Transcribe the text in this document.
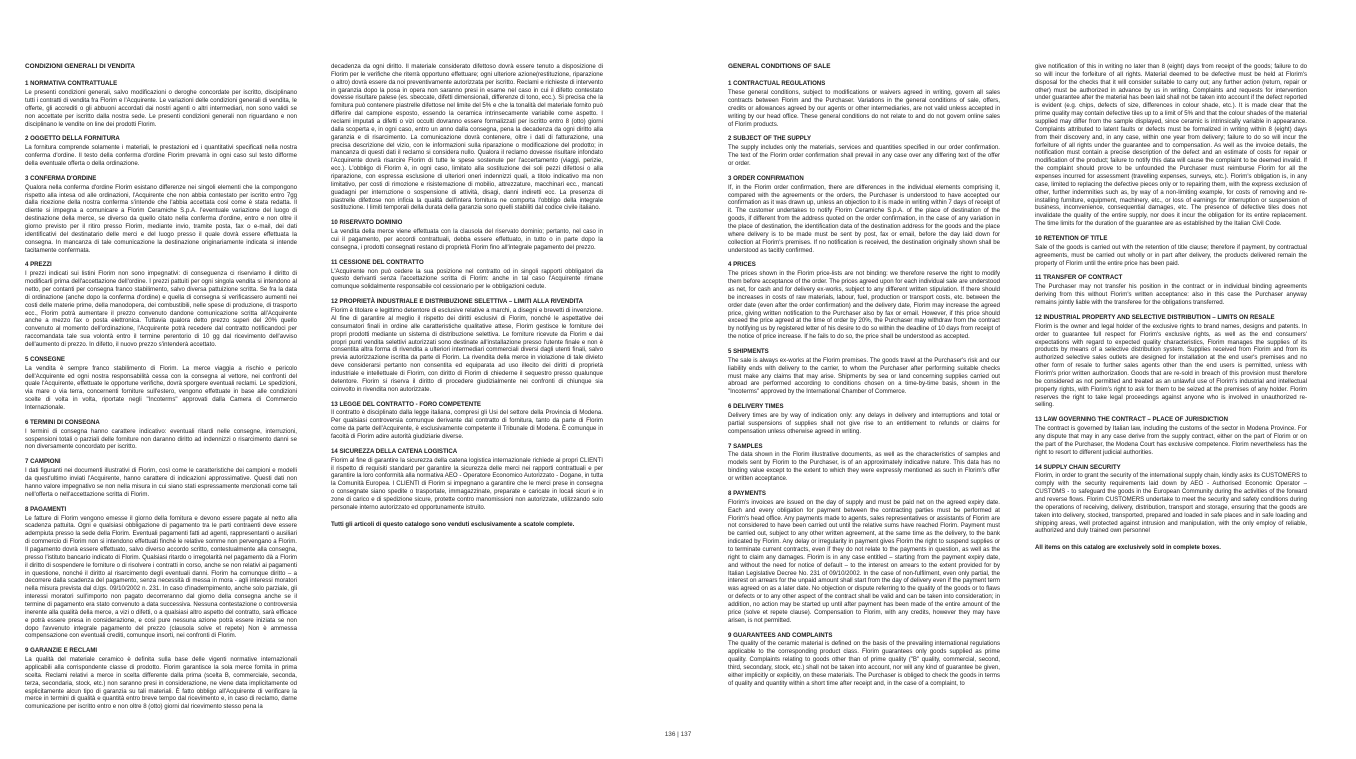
CONDIZIONI GENERALI DI VENDITA
1 NORMATIVA CONTRATTUALE

Le presenti condizioni generali, salvo modificazioni o deroghe concordate per iscritto, disciplinano tutti i contratti di vendita fra Florim e l'Acquirente. Le variazioni delle condizioni generali di vendita, le offerte, gli accrediti o gli abbuoni accordati dai nostri agenti o altri intermediari, non sono validi se non accettate per iscritto dalla nostra sede. Le presenti condizioni generali non riguardano e non disciplinano le vendite on line dei prodotti Florim.

2 OGGETTO DELLA FORNITURA

La fornitura comprende solamente i materiali, le prestazioni ed i quantitativi specificati nella nostra conferma d'ordine. Il testo della conferma d'ordine Florim prevarrà in ogni caso sul testo difforme della eventuale offerta o della ordinazione.

3 CONFERMA D'ORDINE

Qualora nella conferma d'ordine Florim esistano differenze nei singoli elementi che la compongono rispetto alla intesa od alle ordinazioni, l'Acquirente che non abbia contestato per iscritto entro 7gg dalla ricezione della nostra conferma s'intende che l'abbia accettata così come è stata redatta. Il cliente si impegna a comunicare a Florim Ceramiche S.p.A. l'eventuale variazione del luogo di destinazione della merce, se diverso da quello citato nella conferma d'ordine, entro e non oltre il giorno previsto per il ritiro presso Florim, mediante invio, tramite posta, fax o e-mail, dei dati identificativi del destinatario delle merci e del luogo presso il quale dovrà essere effettuata la consegna. In mancanza di tale comunicazione la destinazione originariamente indicata si intende tacitamente confermata.

4 PREZZI

I prezzi indicati sui listini Florim non sono impegnativi: di conseguenza ci riserviamo il diritto di modificarli prima dell'accettazione dell'ordine. I prezzi pattuiti per ogni singola vendita si intendono al netto, per contanti per consegna franco stabilimento, salvo diversa pattuizione scritta. Se fra la data di ordinazione (anche dopo la conferma d'ordine) e quella di consegna si verificassero aumenti nei costi delle materie prime, della manodopera, dei combustibili, nelle spese di produzione, di trasporto ecc., Florim potrà aumentare il prezzo convenuto dandone comunicazione scritta all'Acquirente anche a mezzo fax o posta elettronica. Tuttavia qualora detto prezzo superi del 20% quello convenuto al momento dell'ordinazione, l'Acquirente potrà recedere dal contratto notificandoci per raccomandata tale sua volontà entro il termine perentorio di 10 gg dal ricevimento dell'avviso dell'aumento di prezzo. In difetto, il nuovo prezzo s'intenderà accettato.

5 CONSEGNE

La vendita è sempre franco stabilimento di Florim. La merce viaggia a rischio e pericolo dell'Acquirente ed ogni nostra responsabilità cessa con la consegna al vettore, nei confronti del quale l'Acquirente, effettuate le opportune verifiche, dovrà sporgere eventuali reclami. Le spedizioni, via mare o via terra, concernenti forniture sull'estero, vengono effettuate in base alle condizioni scelte di volta in volta, riportate negli "Incoterms" approvati dalla Camera di Commercio Internazionale.

6 TERMINI DI CONSEGNA

I termini di consegna hanno carattere indicativo: eventuali ritardi nelle consegne, interruzioni, sospensioni totali o parziali delle forniture non daranno diritto ad indennizzi o risarcimento danni se non diversamente concordato per iscritto.

7 CAMPIONI

I dati figuranti nei documenti illustrativi di Florim, così come le caratteristiche dei campioni e modelli da quest'ultimo inviati l'Acquirente, hanno carattere di indicazioni approssimative. Questi dati non hanno valore impegnativo se non nella misura in cui siano stati espressamente menzionati come tali nell'offerta o nell'accettazione scritta di Florim.

8 PAGAMENTI

Le fatture di Florim vengono emesse il giorno della fornitura e devono essere pagate al netto alla scadenza pattuita. Ogni e qualsiasi obbligazione di pagamento tra le parti contraenti deve essere adempiuta presso la sede della Florim. Eventuali pagamenti fatti ad agenti, rappresentanti o ausiliari di commercio di Florim non si intendono effettuati finché le relative somme non pervengano a Florim. Il pagamento dovrà essere effettuato, salvo diverso accordo scritto, contestualmente alla consegna, presso l'istituto bancario indicato di Florim. Qualsiasi ritardo o irregolarità nel pagamento dà a Florim il diritto di sospendere le forniture o di risolvere i contratti in corso, anche se non relativi ai pagamenti in questione, nonché il diritto al risarcimento degli eventuali danni. Florim ha comunque diritto – a decorrere dalla scadenza del pagamento, senza necessità di messa in mora - agli interessi moratori nella misura prevista dal d.lgs. 09/10/2002 n. 231. In caso d'inadempimento, anche solo parziale, gli interessi moratori sull'importo non pagato decorreranno dal giorno della consegna anche se il termine di pagamento era stato convenuto a data successiva. Nessuna contestazione o controversia inerente alla qualità della merce, a vizi o difetti, o a qualsiasi altro aspetto del contratto, sarà efficace e potrà essere presa in considerazione, e così pure nessuna azione potrà essere iniziata se non dopo l'avvenuto integrale pagamento del prezzo (clausola solve et repete) Non è ammessa compensazione con eventuali crediti, comunque insorti, nei confronti di Florim.

9 GARANZIE E RECLAMI

La qualità del materiale ceramico è definita sulla base delle vigenti normative internazionali applicabili alla corrispondente classe di prodotto. Florim garantisce la sola merce fornita in prima scelta. Reclami relativi a merce in scelta differente dalla prima (scelta B, commerciale, seconda, terza, secondaria, stock, etc.) non saranno presi in considerazione, ne viene data implicitamente od esplicitamente alcun tipo di garanzia su tali materiali. È fatto obbligo all'Acquirente di verificare la merce in termini di qualità e quantità entro breve tempo dal ricevimento e, in caso di reclamo, darne comunicazione per iscritto entro e non oltre 8 (otto) giorni dal ricevimento stesso pena la

decadenza da ogni diritto. Il materiale considerato difettoso dovrà essere tenuto a disposizione di Florim per le verifiche che riterrà opportuno effettuare; ogni ulteriore azione(restituzione, riparazione o altro) dovrà essere da noi preventivamente autorizzata per iscritto. Reclami e richieste di intervento in garanzia dopo la posa in opera non saranno presi in esame nel caso in cui il difetto contestato dovesse risultare palese (es. sbeccate, difetti dimensionali, differenze di tono, ecc.). Si precisa che la fornitura può contenere piastrelle difettose nel limite del 5% e che la tonalità del materiale fornito può differire dal campione esposto, essendo la ceramica intrinsecamente variabile come aspetto. I reclami imputati a difetti o vizi occulti dovranno essere formalizzati per iscritto entro 8 (otto) giorni dalla scoperta e, in ogni caso, entro un anno dalla consegna, pena la decadenza da ogni diritto alla garanzia e di risarcimento. La comunicazione dovrà contenere, oltre i dati di fatturazione, una precisa descrizione del vizio, con le informazioni sulla riparazione o modificazione del prodotto; in mancanza di questi dati il reclamo si considera nullo. Qualora il reclamo dovesse risultare infondato l'Acquirente dovrà risarcire Florim di tutte le spese sostenute per l'accertamento (viaggi, perizie, ecc.). L'obbligo di Florim è, in ogni caso, limitato alla sostituzione dei soli pezzi difettosi o alla riparazione, con espressa esclusione di ulteriori oneri indennizzi quali, a titolo indicativo ma non limitativo, per costi di rimozione e risistemazione di mobilio, attrezzature, macchinari ecc., mancati guadagni per interruzione o sospensione di attività, disagi, danni indiretti ecc. La presenza di piastrelle difettose non inficia la qualità dell'intera fornitura ne comporta l'obbligo della integrale sostituzione. I limiti temporali della durata della garanzia sono quelli stabiliti dal codice civile italiano.

10 RISERVATO DOMINIO

La vendita della merce viene effettuata con la clausola del riservato dominio; pertanto, nel caso in cui il pagamento, per accordi contrattuali, debba essere effettuato, in tutto o in parte dopo la consegna, i prodotti consegnati restano di proprietà Florim fino all'integrale pagamento del prezzo.

11 CESSIONE DEL CONTRATTO

L'Acquirente non può cedere la sua posizione nel contratto od in singoli rapporti obbligatori da questo derivanti senza l'accettazione scritta di Florim: anche in tal caso l'Acquirente rimane comunque solidalmente responsabile col cessionario per le obbligazioni cedute.

12 PROPRIETÀ INDUSTRIALE E DISTRIBUZIONE SELETTIVA – LIMITI ALLA RIVENDITA

Florim è titolare e legittimo detentore di esclusive relative a marchi, a disegni e brevetti di invenzione. Al fine di garantire al meglio il rispetto dei diritti esclusivi di Florim, nonché le aspettative dei consumatori finali in ordine alle caratteristiche qualitative attese, Florim gestisce le forniture dei propri prodotti mediante un sistema di distribuzione selettiva. Le forniture ricevute da Florim e dai propri punti vendita selettivi autorizzati sono destinate all'installazione presso l'utente finale e non è consentita altra forma di rivendita a ulteriori intermediari commerciali diversi dagli utenti finali, salvo previa autorizzazione iscritta da parte di Florim. La rivendita della merce in violazione di tale divieto deve considerarsi pertanto non consentita ed equiparata ad uso illecito dei diritti di proprietà industriale e intellettuale di Florim, con diritto di Florim di chiederne il sequestro presso qualunque detentore. Florim si riserva il diritto di procedere giudizialmente nei confronti di chiunque sia coinvolto in rivendita non autorizzate.

13 LEGGE DEL CONTRATTO - FORO COMPETENTE

Il contratto è disciplinato dalla legge italiana, compresi gli Usi del settore della Provincia di Modena. Per qualsiasi controversia comunque derivante dal contratto di fornitura, tanto da parte di Florim come da parte dell'Acquirente, è esclusivamente competente il Tribunale di Modena. È comunque in facoltà di Florim adire autorità giudiziarie diverse.

14 SICUREZZA DELLA CATENA LOGISTICA

Florim al fine di garantire la sicurezza della catena logistica internazionale richiede ai propri CLIENTI il rispetto di requisiti standard per garantire la sicurezza delle merci nei rapporti contrattuali e per garantire la loro conformità alla normativa AEO - Operatore Economico Autorizzato - Dogane, in tutta la Comunità Europea. I CLIENTI di Florim si impegnano a garantire che le merci prese in consegna o consegnate siano spedite o trasportate, immagazzinate, preparate e caricate in locali sicuri e in zone di carico e di spedizione sicure, protette contro manomissioni non autorizzate, utilizzando solo personale interno autorizzato ed opportunamente istruito.

Tutti gli articoli di questo catalogo sono venduti esclusivamente a scatole complete.
GENERAL CONDITIONS OF SALE
1 CONTRACTUAL REGULATIONS

These general conditions, subject to modifications or waivers agreed in writing, govern all sales contracts between Florim and the Purchaser. Variations in the general conditions of sale, offers, credits or allowances agreed by our agents or other intermediaries, are not valid unless accepted in writing by our head office. These general conditions do not relate to and do not govern online sales of Florim products.

2 SUBJECT OF THE SUPPLY

The supply includes only the materials, services and quantities specified in our order confirmation. The text of the Florim order confirmation shall prevail in any case over any differing text of the offer or order.

3 ORDER CONFIRMATION

If, in the Florim order confirmation, there are differences in the individual elements comprising it, compared with the agreements or the orders, the Purchaser is understood to have accepted our confirmation as it was drawn up, unless an objection to it is made in writing within 7 days of receipt of it. The customer undertakes to notify Florim Ceramiche S.p.A. of the place of destination of the goods, if different from the address quoted on the order confirmation, in the case of any variation in the place of destination, the identification data of the destination address for the goods and the place where delivery is to be made must be sent by post, fax or email, before the day laid down for collection at Florim's premises. If no notification is received, the destination originally shown shall be understood as tacitly confirmed.

4 PRICES

The prices shown in the Florim price-lists are not binding: we therefore reserve the right to modify them before acceptance of the order. The prices agreed upon for each individual sale are understood as net, for cash and for delivery ex-works, subject to any different written stipulation. If there should be increases in costs of raw materials, labour, fuel, production or transport costs, etc. between the order date (even after the order confirmation) and the delivery date, Florim may increase the agreed price, giving written notification to the Purchaser also by fax or email. However, if this price should exceed the price agreed at the time of order by 20%, the Purchaser may withdraw from the contract by notifying us by registered letter of his desire to do so within the deadline of 10 days from receipt of the notice of price increase. If he fails to do so, the price shall be understood as accepted.

5 SHIPMENTS

The sale is always ex-works at the Florim premises. The goods travel at the Purchaser's risk and our liability ends with delivery to the carrier, to whom the Purchaser after performing suitable checks must make any claims that may arise. Shipments by sea or land concerning supplies carried out abroad are performed according to conditions chosen on a time-by-time basis, shown in the "Incoterms" approved by the International Chamber of Commerce.

6 DELIVERY TIMES

Delivery times are by way of indication only: any delays in delivery and interruptions and total or partial suspensions of supplies shall not give rise to an entitlement to refunds or claims for compensation unless otherwise agreed in writing.

7 SAMPLES

The data shown in the Florim illustrative documents, as well as the characteristics of samples and models sent by Florim to the Purchaser, is of an approximately indicative nature. This data has no binding value except to the extent to which they were expressly mentioned as such in Florim's offer or written acceptance.

8 PAYMENTS

Florim's invoices are issued on the day of supply and must be paid net on the agreed expiry date. Each and every obligation for payment between the contracting parties must be performed at Florim's head office. Any payments made to agents, sales representatives or assistants of Florim are not considered to have been carried out until the relative sums have reached Florim. Payment must be carried out, subject to any other written agreement, at the same time as the delivery, to the bank indicated by Florim. Any delay or irregularity in payment gives Florim the right to suspend supplies or to terminate current contracts, even if they do not relate to the payments in question, as well as the right to claim any damages. Florim is in any case entitled – starting from the payment expiry date, and without the need for notice of default – to the interest on arrears to the extent provided for by Italian Legislative Decree No. 231 of 09/10/2002. In the case of non-fulfilment, even only partial, the interest on arrears for the unpaid amount shall start from the day of delivery even if the payment term was agreed on as a later date. No objection or dispute referring to the quality of the goods or to flaws or defects or to any other aspect of the contract shall be valid and can be taken into consideration; in addition, no action may be started up until after payment has been made of the entire amount of the price (solve et repete clause). Compensation to Florim, with any credits, however they may have arisen, is not permitted.

9 GUARANTEES AND COMPLAINTS

The quality of the ceramic material is defined on the basis of the prevailing international regulations applicable to the corresponding product class. Florim guarantees only goods supplied as prime quality. Complaints relating to goods other than of prime quality ("B" quality, commercial, second, third, secondary, stock, etc.) shall not be taken into account, nor will any kind of guarantee be given, either implicitly or explicitly, on these materials. The Purchaser is obliged to check the goods in terms of quality and quantity within a short time after receipt and, in the case of a complaint, to

give notification of this in writing no later than 8 (eight) days from receipt of the goods; failure to do so will incur the forfeiture of all rights. Material deemed to be defective must be held at Florim's disposal for the checks that it will consider suitable to carry out; any further action (return, repair or other) must be authorized in advance by us in writing. Complaints and requests for intervention under guarantee after the material has been laid shall not be taken into account if the defect reported is evident (e.g. chips, defects of size, differences in colour shade, etc.). It is made clear that the prime quality may contain defective tiles up to a limit of 5% and that the colour shades of the material supplied may differ from the sample displayed, since ceramic is intrinsically variable in appearance. Complaints attributed to latent faults or defects must be formalized in writing within 8 (eight) days from their discovery and, in any case, within one year from delivery; failure to do so will incur the forfeiture of all rights under the guarantee and to compensation. As well as the invoice details, the notification must contain a precise description of the defect and an estimate of costs for repair or modification of the product; failure to notify this data will cause the complaint to be deemed invalid. If the complaint should prove to be unfounded the Purchaser must reimburse Florim for all the expenses incurred for assessment (travelling expenses, surveys, etc.). Florim's obligation is, in any case, limited to replacing the defective pieces only or to repairing them, with the express exclusion of other, further indemnities such as, by way of a non-limiting example, for costs of removing and re-installing furniture, equipment, machinery, etc., or loss of earnings for interruption or suspension of business, inconvenience, consequential damages, etc. The presence of defective tiles does not invalidate the quality of the entire supply, nor does it incur the obligation for its entire replacement. The time limits for the duration of the guarantee are as established by the Italian Civil Code.

10 RETENTION OF TITLE

Sale of the goods is carried out with the retention of title clause; therefore if payment, by contractual agreements, must be carried out wholly or in part after delivery, the products delivered remain the property of Florim until the entire price has been paid.

11 TRANSFER OF CONTRACT

The Purchaser may not transfer his position in the contract or in individual binding agreements deriving from this without Florim's written acceptance: also in this case the Purchaser anyway remains jointly liable with the transferee for the obligations transferred.

12 INDUSTRIAL PROPERTY AND SELECTIVE DISTRIBUTION – LIMITS ON RESALE

Florim is the owner and legal holder of the exclusive rights to brand names, designs and patents. In order to guarantee full respect for Florim's exclusive rights, as well as the end consumers' expectations with regard to expected quality characteristics, Florim manages the supplies of its products by means of a selective distribution system. Supplies received from Florim and from its authorized selective sales outlets are designed for installation at the end user's premises and no other form of resale to further sales agents other than the end users is permitted, unless with Florim's prior written authorization. Goods that are re-sold in breach of this provision must therefore be considered as not permitted and treated as an unlawful use of Florim's industrial and intellectual property rights, with Florim's right to ask for them to be seized at the premises of any holder. Florim reserves the right to take legal proceedings against anyone who is involved in unauthorized re-selling.

13 LAW GOVERNING THE CONTRACT – PLACE OF JURISDICTION

The contract is governed by Italian law, including the customs of the sector in Modena Province. For any dispute that may in any case derive from the supply contract, either on the part of Florim or on the part of the Purchaser, the Modena Court has exclusive competence. Florim nevertheless has the right to resort to different judicial authorities.

14 SUPPLY CHAIN SECURITY

Florim, in order to grant the security of the international supply chain, kindly asks its CUSTOMERS to comply with the security requirements laid down by AEO - Authorised Economic Operator – CUSTOMS - to safeguard the goods in the European Community during the activities of the forward and reverse flows. Florim CUSTOMERS undertake to meet the security and safety conditions during the operations of receiving, delivery, distribution, transport and storage, ensuring that the goods are taken into delivery, stocked, transported, prepared and loaded in safe places and in safe loading and shipping areas, well protected against intrusion and manipulation, with the only employ of reliable, authorized and duly trained own personnel

All items on this catalog are exclusively sold in complete boxes.
136 | 137
